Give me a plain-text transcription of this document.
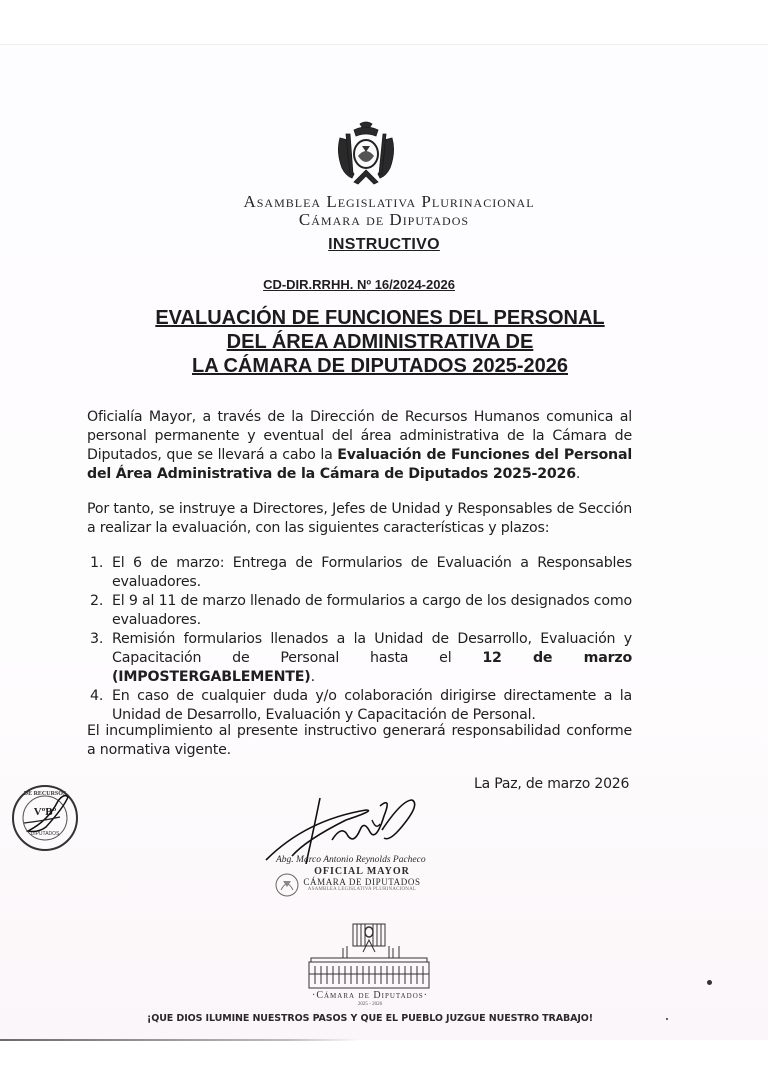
Asamblea Legislativa Plurinacional
Cámara de Diputados
INSTRUCTIVO
CD-DIR.RRHH. Nº 16/2024-2026
EVALUACIÓN DE FUNCIONES DEL PERSONAL
DEL ÁREA ADMINISTRATIVA DE
LA CÁMARA DE DIPUTADOS 2025-2026
Oficialía Mayor, a través de la Dirección de Recursos Humanos comunica al personal permanente y eventual del área administrativa de la Cámara de Diputados, que se llevará a cabo la Evaluación de Funciones del Personal del Área Administrativa de la Cámara de Diputados 2025-2026.
Por tanto, se instruye a Directores, Jefes de Unidad y Responsables de Sección a realizar la evaluación, con las siguientes características y plazos:
1. El 6 de marzo: Entrega de Formularios de Evaluación a Responsables evaluadores.
2. El 9 al 11 de marzo llenado de formularios a cargo de los designados como evaluadores.
3. Remisión formularios llenados a la Unidad de Desarrollo, Evaluación y Capacitación de Personal hasta el 12 de marzo (IMPOSTERGABLEMENTE).
4. En caso de cualquier duda y/o colaboración dirigirse directamente a la Unidad de Desarrollo, Evaluación y Capacitación de Personal.
El incumplimiento al presente instructivo generará responsabilidad conforme a normativa vigente.
La Paz, de marzo 2026
DE RECURSOS
VºBº
DIPUTADOS
Abg. Marco Antonio Reynolds Pacheco
OFICIAL MAYOR
CÁMARA DE DIPUTADOS
ASAMBLEA LEGISLATIVA PLURINACIONAL
·Cámara de Diputados·
2025 - 2026
¡QUE DIOS ILUMINE NUESTROS PASOS Y QUE EL PUEBLO JUZGUE NUESTRO TRABAJO!
